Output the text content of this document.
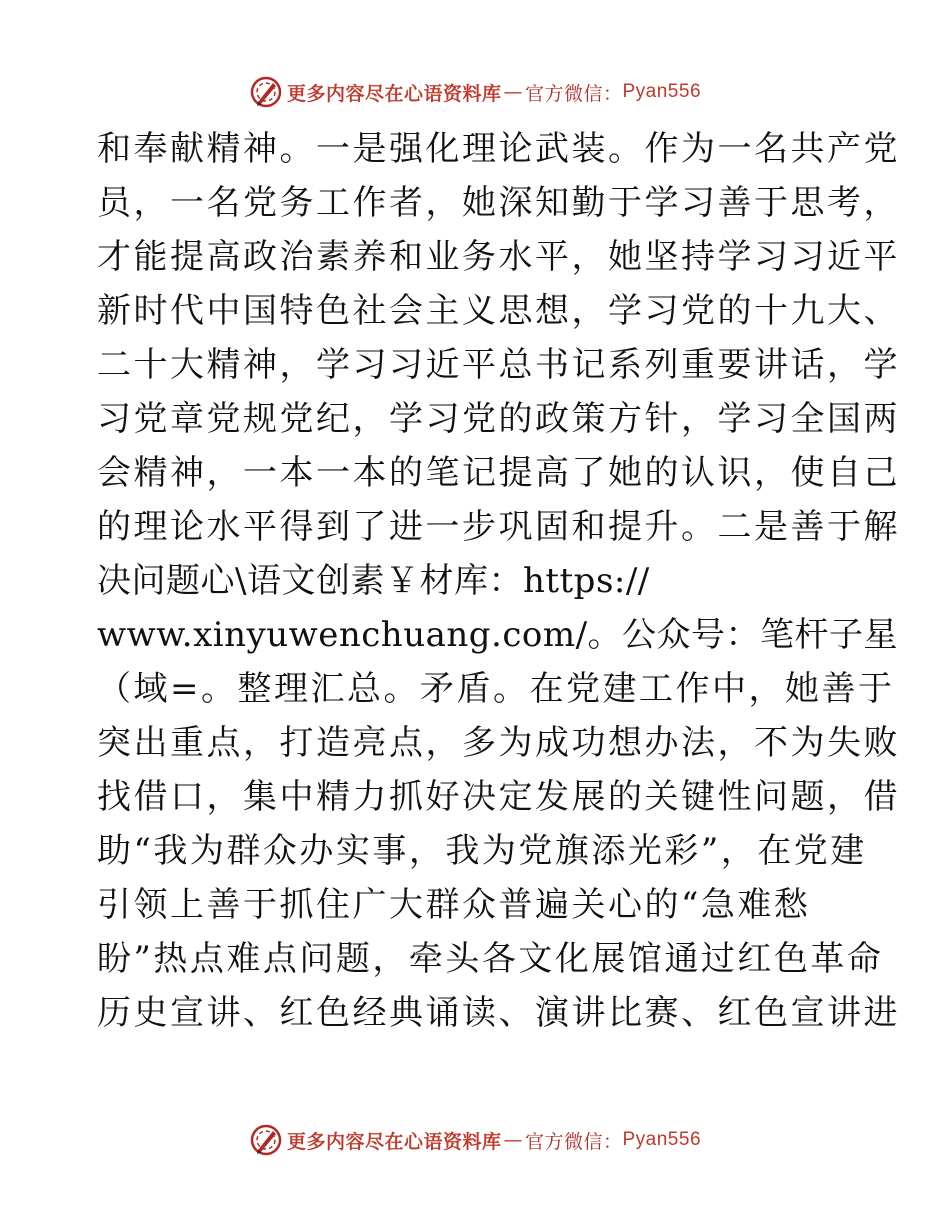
更多内容尽在心语资料库 — 官方微信： Pyan556
和奉献精神。一是强化理论武装。作为一名共产党
员，一名党务工作者，她深知勤于学习善于思考，
才能提高政治素养和业务水平，她坚持学习习近平
新时代中国特色社会主义思想，学习党的十九大、
二十大精神，学习习近平总书记系列重要讲话，学
习党章党规党纪，学习党的政策方针，学习全国两
会精神，一本一本的笔记提高了她的认识，使自己
的理论水平得到了进一步巩固和提升。二是善于解
决问题心\语文创素￥材库：https://
www.xinyuwenchuang.com/。公众号：笔杆子星
（域=。整理汇总。矛盾。在党建工作中，她善于
突出重点，打造亮点，多为成功想办法，不为失败
找借口，集中精力抓好决定发展的关键性问题，借
助“我为群众办实事，我为党旗添光彩”，在党建
引领上善于抓住广大群众普遍关心的“急难愁
盼”热点难点问题，牵头各文化展馆通过红色革命
历史宣讲、红色经典诵读、演讲比赛、红色宣讲进
更多内容尽在心语资料库 — 官方微信： Pyan556
